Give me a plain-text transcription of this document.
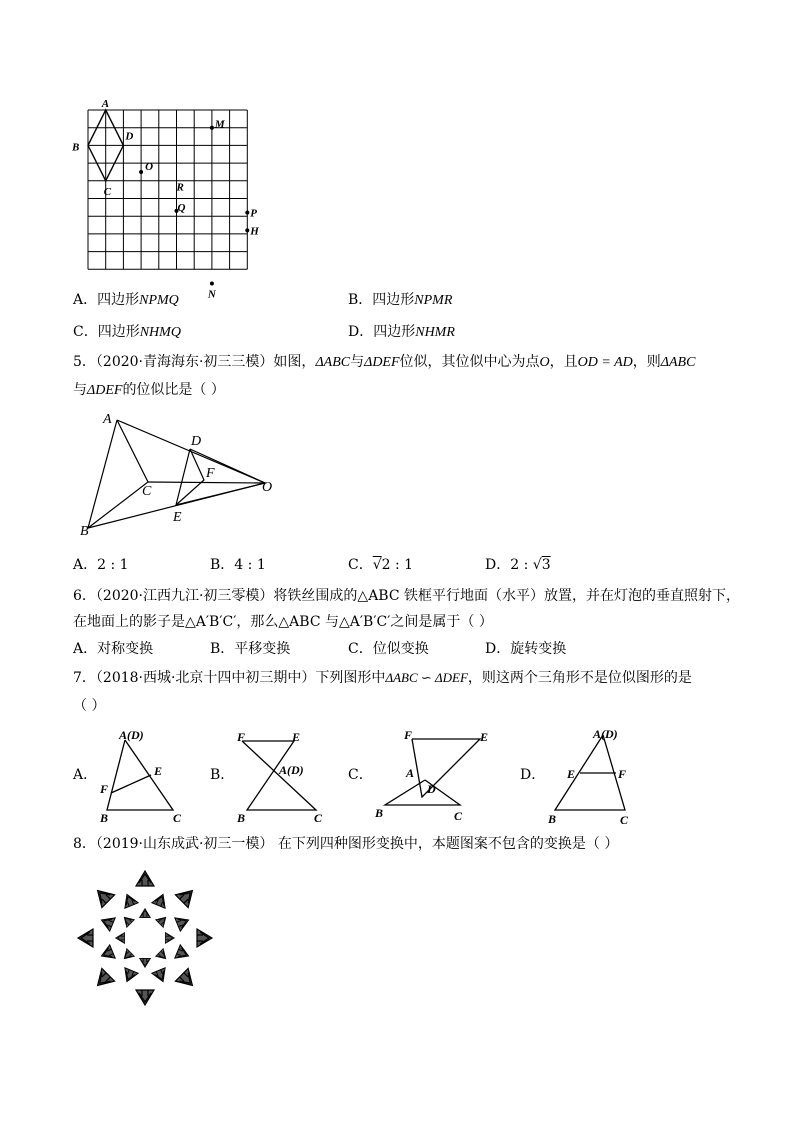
A
B
C
D
O
M
R
Q	P
H
N
A．四边形NPMQ	B．四边形NPMR
C．四边形NHMQ	D．四边形NHMR
5．（2020·青海海东·初三三模）如图，ΔABC与ΔDEF位似，其位似中心为点O，且OD = AD，则ΔABC
与ΔDEF的位似比是（ ）
A
B
C
D
E
F
O
A．2 : 1	B．4 : 1	C．√2 : 1	D．2 : √3
6．（2020·江西九江·初三零模）将铁丝围成的△ABC 铁框平行地面（水平）放置，并在灯泡的垂直照射下，
在地面上的影子是△A′B′C′，那么△ABC 与△A′B′C′之间是属于（ ）
A．对称变换	B．平移变换	C．位似变换	D．旋转变换
7．（2018·西城·北京十四中初三期中）下列图形中ΔABC ∽ ΔDEF，则这两个三角形不是位似图形的是
（ ）
A．
A(D)
E
F
B	C
B．
F	E
A(D)
B	C
C．
F	E
A
D
B	C
D．
A(D)
E	F
B	C
8．（2019·山东成武·初三一模） 在下列四种图形变换中，本题图案不包含的变换是（ ）
